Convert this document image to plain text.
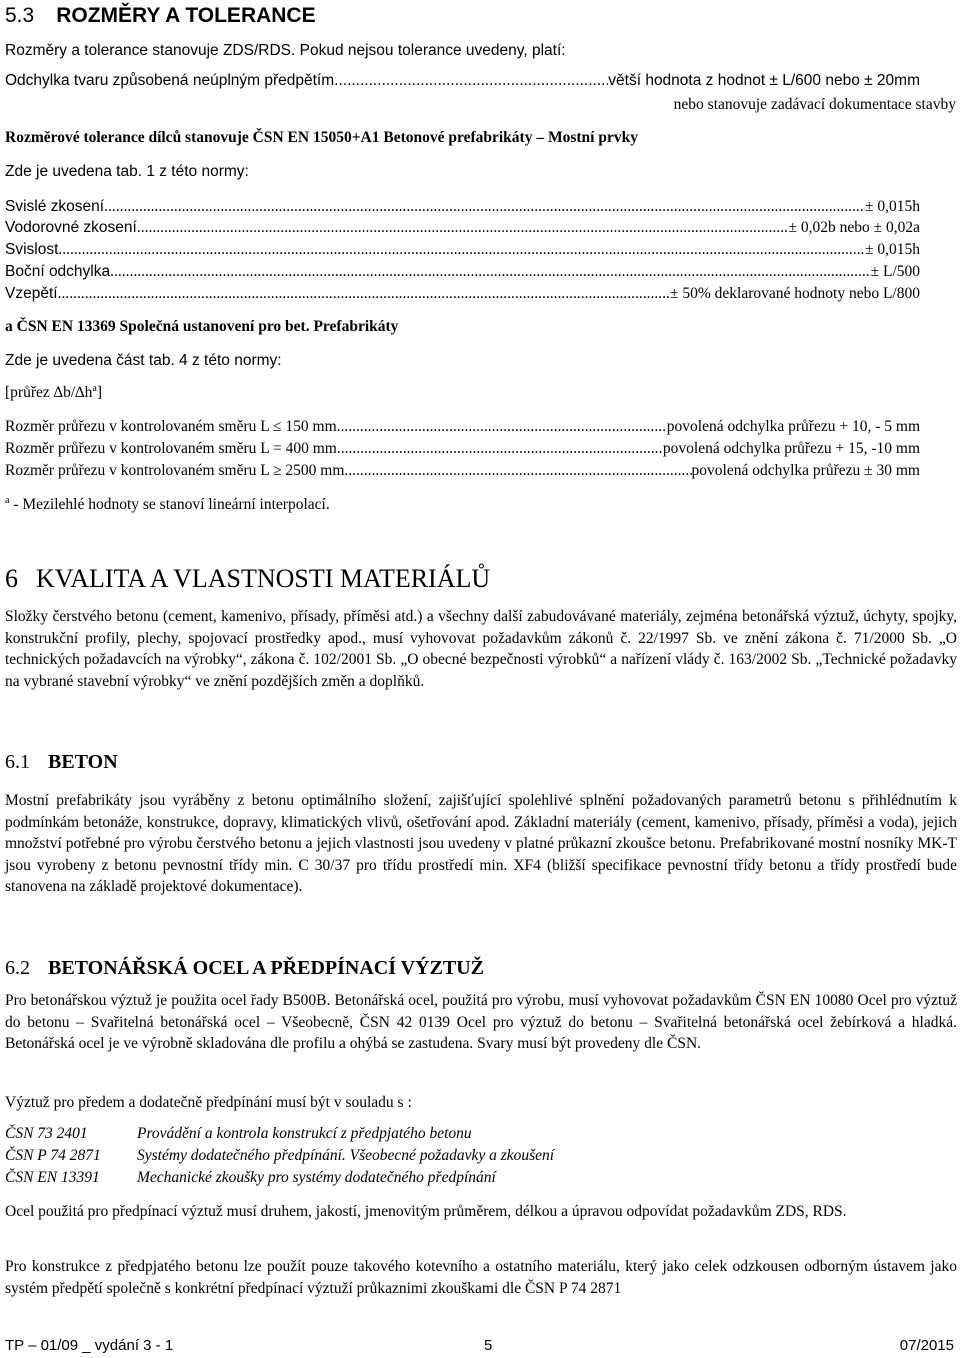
5.3 ROZMĚRY A TOLERANCE
Rozměry a tolerance stanovuje ZDS/RDS. Pokud nejsou tolerance uvedeny, platí:
Odchylka tvaru způsobená neúplným předpětím. .....	větší hodnota z hodnot ± L/600 nebo ± 20mm
nebo stanovuje zadávací dokumentace stavby
Rozměrové tolerance dílců stanovuje ČSN EN 15050+A1 Betonové prefabrikáty – Mostní prvky
Zde je uvedena tab. 1 z této normy:
Svislé zkosení .....	± 0,015h
Vodorovné zkosení .....	± 0,02b nebo ± 0,02a
Svislost .....	± 0,015h
Boční odchylka .....	± L/500
Vzepětí .....	± 50% deklarované hodnoty nebo L/800
a ČSN EN 13369 Společná ustanovení pro bet. Prefabrikáty
Zde je uvedena část tab. 4 z této normy:
[průřez $\Delta b/\Delta h^a$]
Rozměr průřezu v kontrolovaném směru L ≤ 150 mm .....	povolená odchylka průřezu + 10, - 5 mm
Rozměr průřezu v kontrolovaném směru L = 400 mm .....	povolená odchylka průřezu + 15, -10 mm
Rozměr průřezu v kontrolovaném směru L ≥ 2500 mm .....	povolená odchylka průřezu ± 30 mm
$^a$ - Mezilehlé hodnoty se stanoví lineární interpolací.
6 KVALITA A VLASTNOSTI MATERIÁLŮ
Složky čerstvého betonu (cement, kamenivo, přísady, příměsi atd.) a všechny další zabudovávané materiály, zejména betonářská výztuž, úchyty, spojky, konstrukční profily, plechy, spojovací prostředky apod., musí vyhovovat požadavkům zákonů č. 22/1997 Sb. ve znění zákona č. 71/2000 Sb. „O technických požadavcích na výrobky“, zákona č. 102/2001 Sb. „O obecné bezpečnosti výrobků“ a nařízení vlády č. 163/2002 Sb. „Technické požadavky na vybrané stavební výrobky“ ve znění pozdějších změn a doplňků.
6.1 BETON
Mostní prefabrikáty jsou vyráběny z betonu optimálního složení, zajišťující spolehlivé splnění požadovaných parametrů betonu s přihlédnutím k podmínkám betonáže, konstrukce, dopravy, klimatických vlivů, ošetřování apod. Základní materiály (cement, kamenivo, přísady, příměsi a voda), jejich množství potřebné pro výrobu čerstvého betonu a jejich vlastnosti jsou uvedeny v platné průkazní zkoušce betonu. Prefabrikované mostní nosníky MK-T jsou vyrobeny z betonu pevnostní třídy min. C 30/37 pro třídu prostředí min. XF4 (bližší specifikace pevnostní třídy betonu a třídy prostředí bude stanovena na základě projektové dokumentace).
6.2 BETONÁŘSKÁ OCEL A PŘEDPÍNACÍ VÝZTUŽ
Pro betonářskou výztuž je použita ocel řady B500B. Betonářská ocel, použitá pro výrobu, musí vyhovovat požadavkům ČSN EN 10080 Ocel pro výztuž do betonu – Svařitelná betonářská ocel – Všeobecně, ČSN 42 0139 Ocel pro výztuž do betonu – Svařitelná betonářská ocel žebírková a hladká. Betonářská ocel je ve výrobně skladována dle profilu a ohýbá se zastudena. Svary musí být provedeny dle ČSN.
Výztuž pro předem a dodatečně předpínání musí být v souladu s :
ČSN 73 2401	Provádění a kontrola konstrukcí z předpjatého betonu
ČSN P 74 2871 Systémy dodatečného předpínání. Všeobecné požadavky a zkoušení
ČSN EN 13391 Mechanické zkoušky pro systémy dodatečného předpínání
Ocel použitá pro předpínací výztuž musí druhem, jakostí, jmenovitým průměrem, délkou a úpravou odpovídat požadavkům ZDS, RDS.
Pro konstrukce z předpjatého betonu lze použít pouze takového kotevního a ostatního materiálu, který jako celek odzkousen odborným ústavem jako systém předpětí společně s konkrétní předpínací výztuží průkaznimi zkouškami dle ČSN P 74 2871
TP – 01/09 _ vydání 3 - 1	5	07/2015
